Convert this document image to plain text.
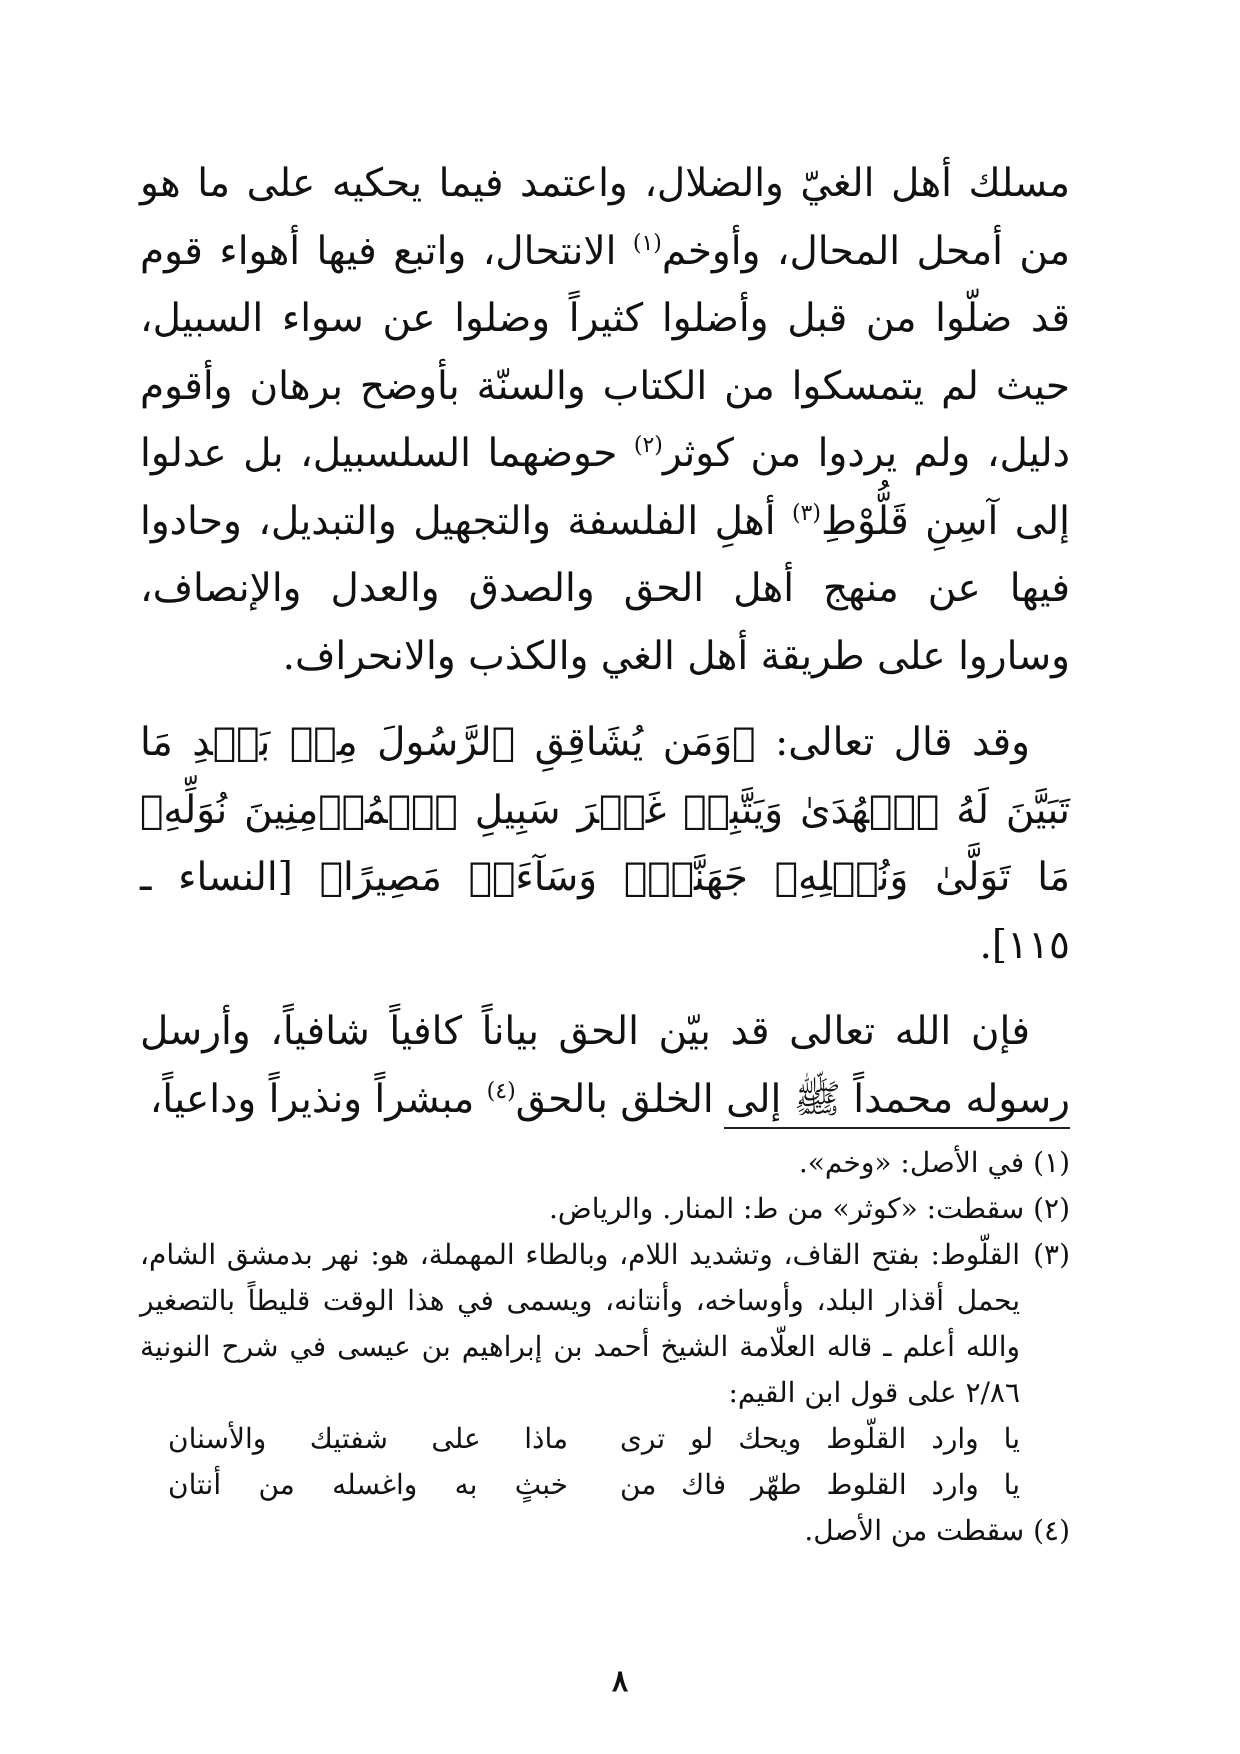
مسلك أهل الغيّ والضلال، واعتمد فيما يحكيه على ما هو من أمحل المحال، وأوخم$^{(١)}$ الانتحال، واتبع فيها أهواء قوم قد ضلّوا من قبل وأضلوا كثيراً وضلوا عن سواء السبيل، حيث لم يتمسكوا من الكتاب والسنّة بأوضح برهان وأقوم دليل، ولم يردوا من كوثر$^{(٢)}$ حوضهما السلسبيل، بل عدلوا إلى آسِنِ قَلُّوْطِ$^{(٣)}$ أهلِ الفلسفة والتجهيل والتبديل، وحادوا فيها عن منهج أهل الحق والصدق والعدل والإنصاف، وساروا على طريقة أهل الغي والكذب والانحراف.

وقد قال تعالى: ﴿وَمَن يُشَاقِقِ ٱلرَّسُولَ مِنۢ بَعۡدِ مَا تَبَيَّنَ لَهُ ٱلۡهُدَىٰ وَيَتَّبِعۡ غَيۡرَ سَبِيلِ ٱلۡمُؤۡمِنِينَ نُوَلِّهِۦ مَا تَوَلَّىٰ وَنُصۡلِهِۦ جَهَنَّمَۖ وَسَآءَتۡ مَصِيرًا﴾ [النساء ـ ١١٥].

فإن الله تعالى قد بيّن الحق بياناً كافياً شافياً، وأرسل رسوله محمداً ﷺ إلى الخلق بالحق$^{(٤)}$ مبشراً ونذيراً وداعياً،

(١) في الأصل: «وخم».

(٢) سقطت: «كوثر» من ط: المنار. والرياض.

(٣)
القلّوط: بفتح القاف، وتشديد اللام، وبالطاء المهملة، هو: نهر بدمشق الشام، يحمل أقذار البلد، وأوساخه، وأنتانه، ويسمى في هذا الوقت قليطاً بالتصغير والله أعلم ـ قاله العلّامة الشيخ أحمد بن إبراهيم بن عيسى في شرح النونية ٢/٨٦ على قول ابن القيم:
يا وارد القلّوط ويحك لو ترى
ماذا على شفتيك والأسنان
يا وارد القلوط طهّر فاك من
خبثٍ به واغسله من أنتان

(٤) سقطت من الأصل.

٨
